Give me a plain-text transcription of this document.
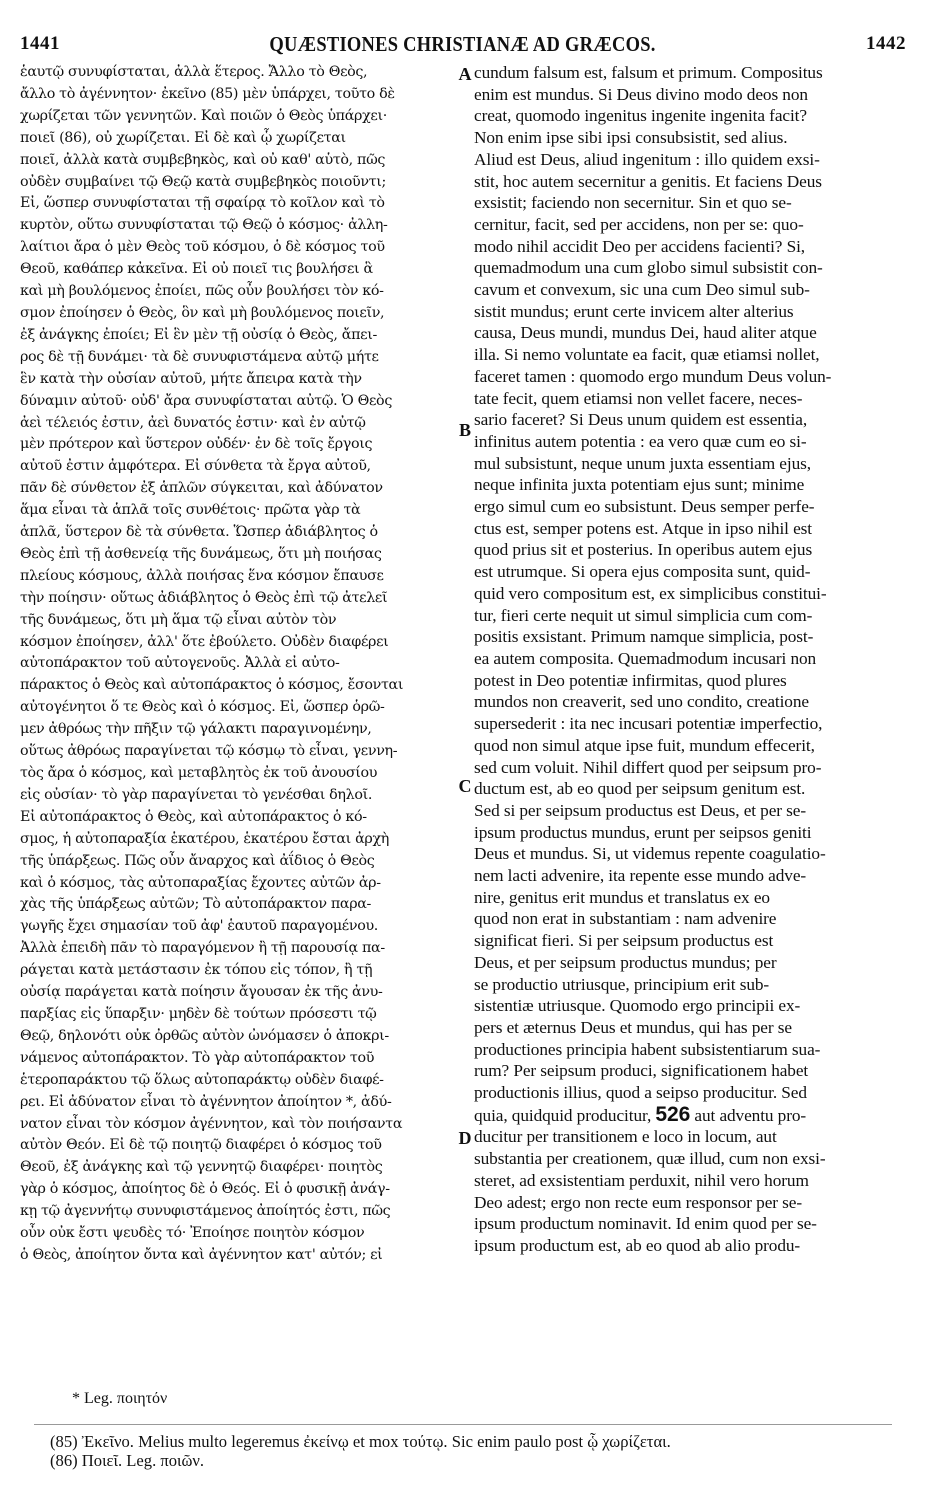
1441	QUÆSTIONES CHRISTIANÆ AD GRÆCOS.	1442
ἑαυτῷ συνυφίσταται, ἀλλὰ ἕτερος. Ἄλλο τὸ Θεὸς,
ἄλλο τὸ ἀγέννητον· ἐκεῖνο (85) μὲν ὑπάρχει, τοῦτο δὲ
χωρίζεται τῶν γεννητῶν. Καὶ ποιῶν ὁ Θεὸς ὑπάρχει·
ποιεῖ (86), οὐ χωρίζεται. Εἰ δὲ καὶ ᾧ χωρίζεται
ποιεῖ, ἀλλὰ κατὰ συμβεβηκὸς, καὶ οὐ καθ' αὑτὸ, πῶς
οὐδὲν συμβαίνει τῷ Θεῷ κατὰ συμβεβηκὸς ποιοῦντι;
Εἰ, ὥσπερ συνυφίσταται τῇ σφαίρᾳ τὸ κοῖλον καὶ τὸ
κυρτὸν, οὕτω συνυφίσταται τῷ Θεῷ ὁ κόσμος· ἀλλη-
λαίτιοι ἄρα ὁ μὲν Θεὸς τοῦ κόσμου, ὁ δὲ κόσμος τοῦ
Θεοῦ, καθάπερ κἀκεῖνα. Εἰ οὐ ποιεῖ τις βουλήσει ἃ
καὶ μὴ βουλόμενος ἐποίει, πῶς οὖν βουλήσει τὸν κό-
σμον ἐποίησεν ὁ Θεὸς, ὃν καὶ μὴ βουλόμενος ποιεῖν,
ἐξ ἀνάγκης ἐποίει; Εἰ ἓν μὲν τῇ οὐσίᾳ ὁ Θεὸς, ἄπει-
ρος δὲ τῇ δυνάμει· τὰ δὲ συνυφιστάμενα αὐτῷ μήτε
ἓν κατὰ τὴν οὐσίαν αὐτοῦ, μήτε ἄπειρα κατὰ τὴν
δύναμιν αὐτοῦ· οὐδ' ἄρα συνυφίσταται αὐτῷ. Ὁ Θεὸς
ἀεὶ τέλειός ἐστιν, ἀεὶ δυνατός ἐστιν· καὶ ἐν αὐτῷ
μὲν πρότερον καὶ ὕστερον οὐδέν· ἐν δὲ τοῖς ἔργοις
αὐτοῦ ἐστιν ἀμφότερα. Εἰ σύνθετα τὰ ἔργα αὐτοῦ,
πᾶν δὲ σύνθετον ἐξ ἁπλῶν σύγκειται, καὶ ἀδύνατον
ἅμα εἶναι τὰ ἁπλᾶ τοῖς συνθέτοις· πρῶτα γὰρ τὰ
ἁπλᾶ, ὕστερον δὲ τὰ σύνθετα. Ὥσπερ ἀδιάβλητος ὁ
Θεὸς ἐπὶ τῇ ἀσθενείᾳ τῆς δυνάμεως, ὅτι μὴ ποιήσας
πλείους κόσμους, ἀλλὰ ποιήσας ἕνα κόσμον ἔπαυσε
τὴν ποίησιν· οὕτως ἀδιάβλητος ὁ Θεὸς ἐπὶ τῷ ἀτελεῖ
τῆς δυνάμεως, ὅτι μὴ ἅμα τῷ εἶναι αὐτὸν τὸν
κόσμον ἐποίησεν, ἀλλ' ὅτε ἐβούλετο. Οὐδὲν διαφέρει
αὐτοπάρακτον τοῦ αὐτογενοῦς. Ἀλλὰ εἰ αὐτο-
πάρακτος ὁ Θεὸς καὶ αὐτοπάρακτος ὁ κόσμος, ἔσονται
αὐτογένητοι ὅ τε Θεὸς καὶ ὁ κόσμος. Εἰ, ὥσπερ ὁρῶ-
μεν ἀθρόως τὴν πῆξιν τῷ γάλακτι παραγινομένην,
οὕτως ἀθρόως παραγίνεται τῷ κόσμῳ τὸ εἶναι, γεννη-
τὸς ἄρα ὁ κόσμος, καὶ μεταβλητὸς ἐκ τοῦ ἀνουσίου
εἰς οὐσίαν· τὸ γὰρ παραγίνεται τὸ γενέσθαι δηλοῖ.
Εἰ αὐτοπάρακτος ὁ Θεὸς, καὶ αὐτοπάρακτος ὁ κό-
σμος, ἡ αὐτοπαραξία ἑκατέρου, ἑκατέρου ἔσται ἀρχὴ
τῆς ὑπάρξεως. Πῶς οὖν ἄναρχος καὶ ἀΐδιος ὁ Θεὸς
καὶ ὁ κόσμος, τὰς αὐτοπαραξίας ἔχοντες αὐτῶν ἀρ-
χὰς τῆς ὑπάρξεως αὐτῶν; Τὸ αὐτοπάρακτον παρα-
γωγῆς ἔχει σημασίαν τοῦ ἀφ' ἑαυτοῦ παραγομένου.
Ἀλλὰ ἐπειδὴ πᾶν τὸ παραγόμενον ἢ τῇ παρουσίᾳ πα-
ράγεται κατὰ μετάστασιν ἐκ τόπου εἰς τόπον, ἢ τῇ
οὐσίᾳ παράγεται κατὰ ποίησιν ἄγουσαν ἐκ τῆς ἀνυ-
παρξίας εἰς ὕπαρξιν· μηδὲν δὲ τούτων πρόσεστι τῷ
Θεῷ, δηλονότι οὐκ ὀρθῶς αὐτὸν ὠνόμασεν ὁ ἀποκρι-
νάμενος αὐτοπάρακτον. Τὸ γὰρ αὐτοπάρακτον τοῦ
ἑτεροπαράκτου τῷ ὅλως αὐτοπαράκτῳ οὐδὲν διαφέ-
ρει. Εἰ ἀδύνατον εἶναι τὸ ἀγέννητον ἀποίητον *, ἀδύ-
νατον εἶναι τὸν κόσμον ἀγέννητον, καὶ τὸν ποιήσαντα
αὐτὸν Θεόν. Εἰ δὲ τῷ ποιητῷ διαφέρει ὁ κόσμος τοῦ
Θεοῦ, ἐξ ἀνάγκης καὶ τῷ γεννητῷ διαφέρει· ποιητὸς
γὰρ ὁ κόσμος, ἀποίητος δὲ ὁ Θεός. Εἰ ὁ φυσικῇ ἀνάγ-
κῃ τῷ ἀγεννήτῳ συνυφιστάμενος ἀποίητός ἐστι, πῶς
οὖν οὐκ ἔστι ψευδὲς τό· Ἐποίησε ποιητὸν κόσμον
ὁ Θεὸς, ἀποίητον ὄντα καὶ ἀγέννητον κατ' αὐτόν; εἰ
A
B
C
D
cundum falsum est, falsum et primum. Compositus
enim est mundus. Si Deus divino modo deos non
creat, quomodo ingenitus ingenite ingenita facit?
Non enim ipse sibi ipsi consubsistit, sed alius.
Aliud est Deus, aliud ingenitum : illo quidem exsi-
stit, hoc autem secernitur a genitis. Et faciens Deus
exsistit; faciendo non secernitur. Sin et quo se-
cernitur, facit, sed per accidens, non per se: quo-
modo nihil accidit Deo per accidens facienti? Si,
quemadmodum una cum globo simul subsistit con-
cavum et convexum, sic una cum Deo simul sub-
sistit mundus; erunt certe invicem alter alterius
causa, Deus mundi, mundus Dei, haud aliter atque
illa. Si nemo voluntate ea facit, quæ etiamsi nollet,
faceret tamen : quomodo ergo mundum Deus volun-
tate fecit, quem etiamsi non vellet facere, neces-
sario faceret? Si Deus unum quidem est essentia,
infinitus autem potentia : ea vero quæ cum eo si-
mul subsistunt, neque unum juxta essentiam ejus,
neque infinita juxta potentiam ejus sunt; minime
ergo simul cum eo subsistunt. Deus semper perfe-
ctus est, semper potens est. Atque in ipso nihil est
quod prius sit et posterius. In operibus autem ejus
est utrumque. Si opera ejus composita sunt, quid-
quid vero compositum est, ex simplicibus constitui-
tur, fieri certe nequit ut simul simplicia cum com-
positis exsistant. Primum namque simplicia, post-
ea autem composita. Quemadmodum incusari non
potest in Deo potentiæ infirmitas, quod plures
mundos non creaverit, sed uno condito, creatione
supersederit : ita nec incusari potentiæ imperfectio,
quod non simul atque ipse fuit, mundum effecerit,
sed cum voluit. Nihil differt quod per seipsum pro-
ductum est, ab eo quod per seipsum genitum est.
Sed si per seipsum productus est Deus, et per se-
ipsum productus mundus, erunt per seipsos geniti
Deus et mundus. Si, ut videmus repente coagulatio-
nem lacti advenire, ita repente esse mundo adve-
nire, genitus erit mundus et translatus ex eo
quod non erat in substantiam : nam advenire
significat fieri. Si per seipsum productus est
Deus, et per seipsum productus mundus; per
se productio utriusque, principium erit sub-
sistentiæ utriusque. Quomodo ergo principii ex-
pers et æternus Deus et mundus, qui has per se
productiones principia habent subsistentiarum sua-
rum? Per seipsum produci, significationem habet
productionis illius, quod a seipso producitur. Sed
quia, quidquid producitur, 526 aut adventu pro-
ducitur per transitionem e loco in locum, aut
substantia per creationem, quæ illud, cum non exsi-
steret, ad exsistentiam perduxit, nihil vero horum
Deo adest; ergo non recte eum responsor per se-
ipsum productum nominavit. Id enim quod per se-
ipsum productum est, ab eo quod ab alio produ-
* Leg. ποιητόν
(85) Ἐκεῖνο. Melius multo legeremus ἐκείνῳ et mox τούτῳ. Sic enim paulo post ᾧ χωρίζεται.
(86) Ποιεῖ. Leg. ποιῶν.
